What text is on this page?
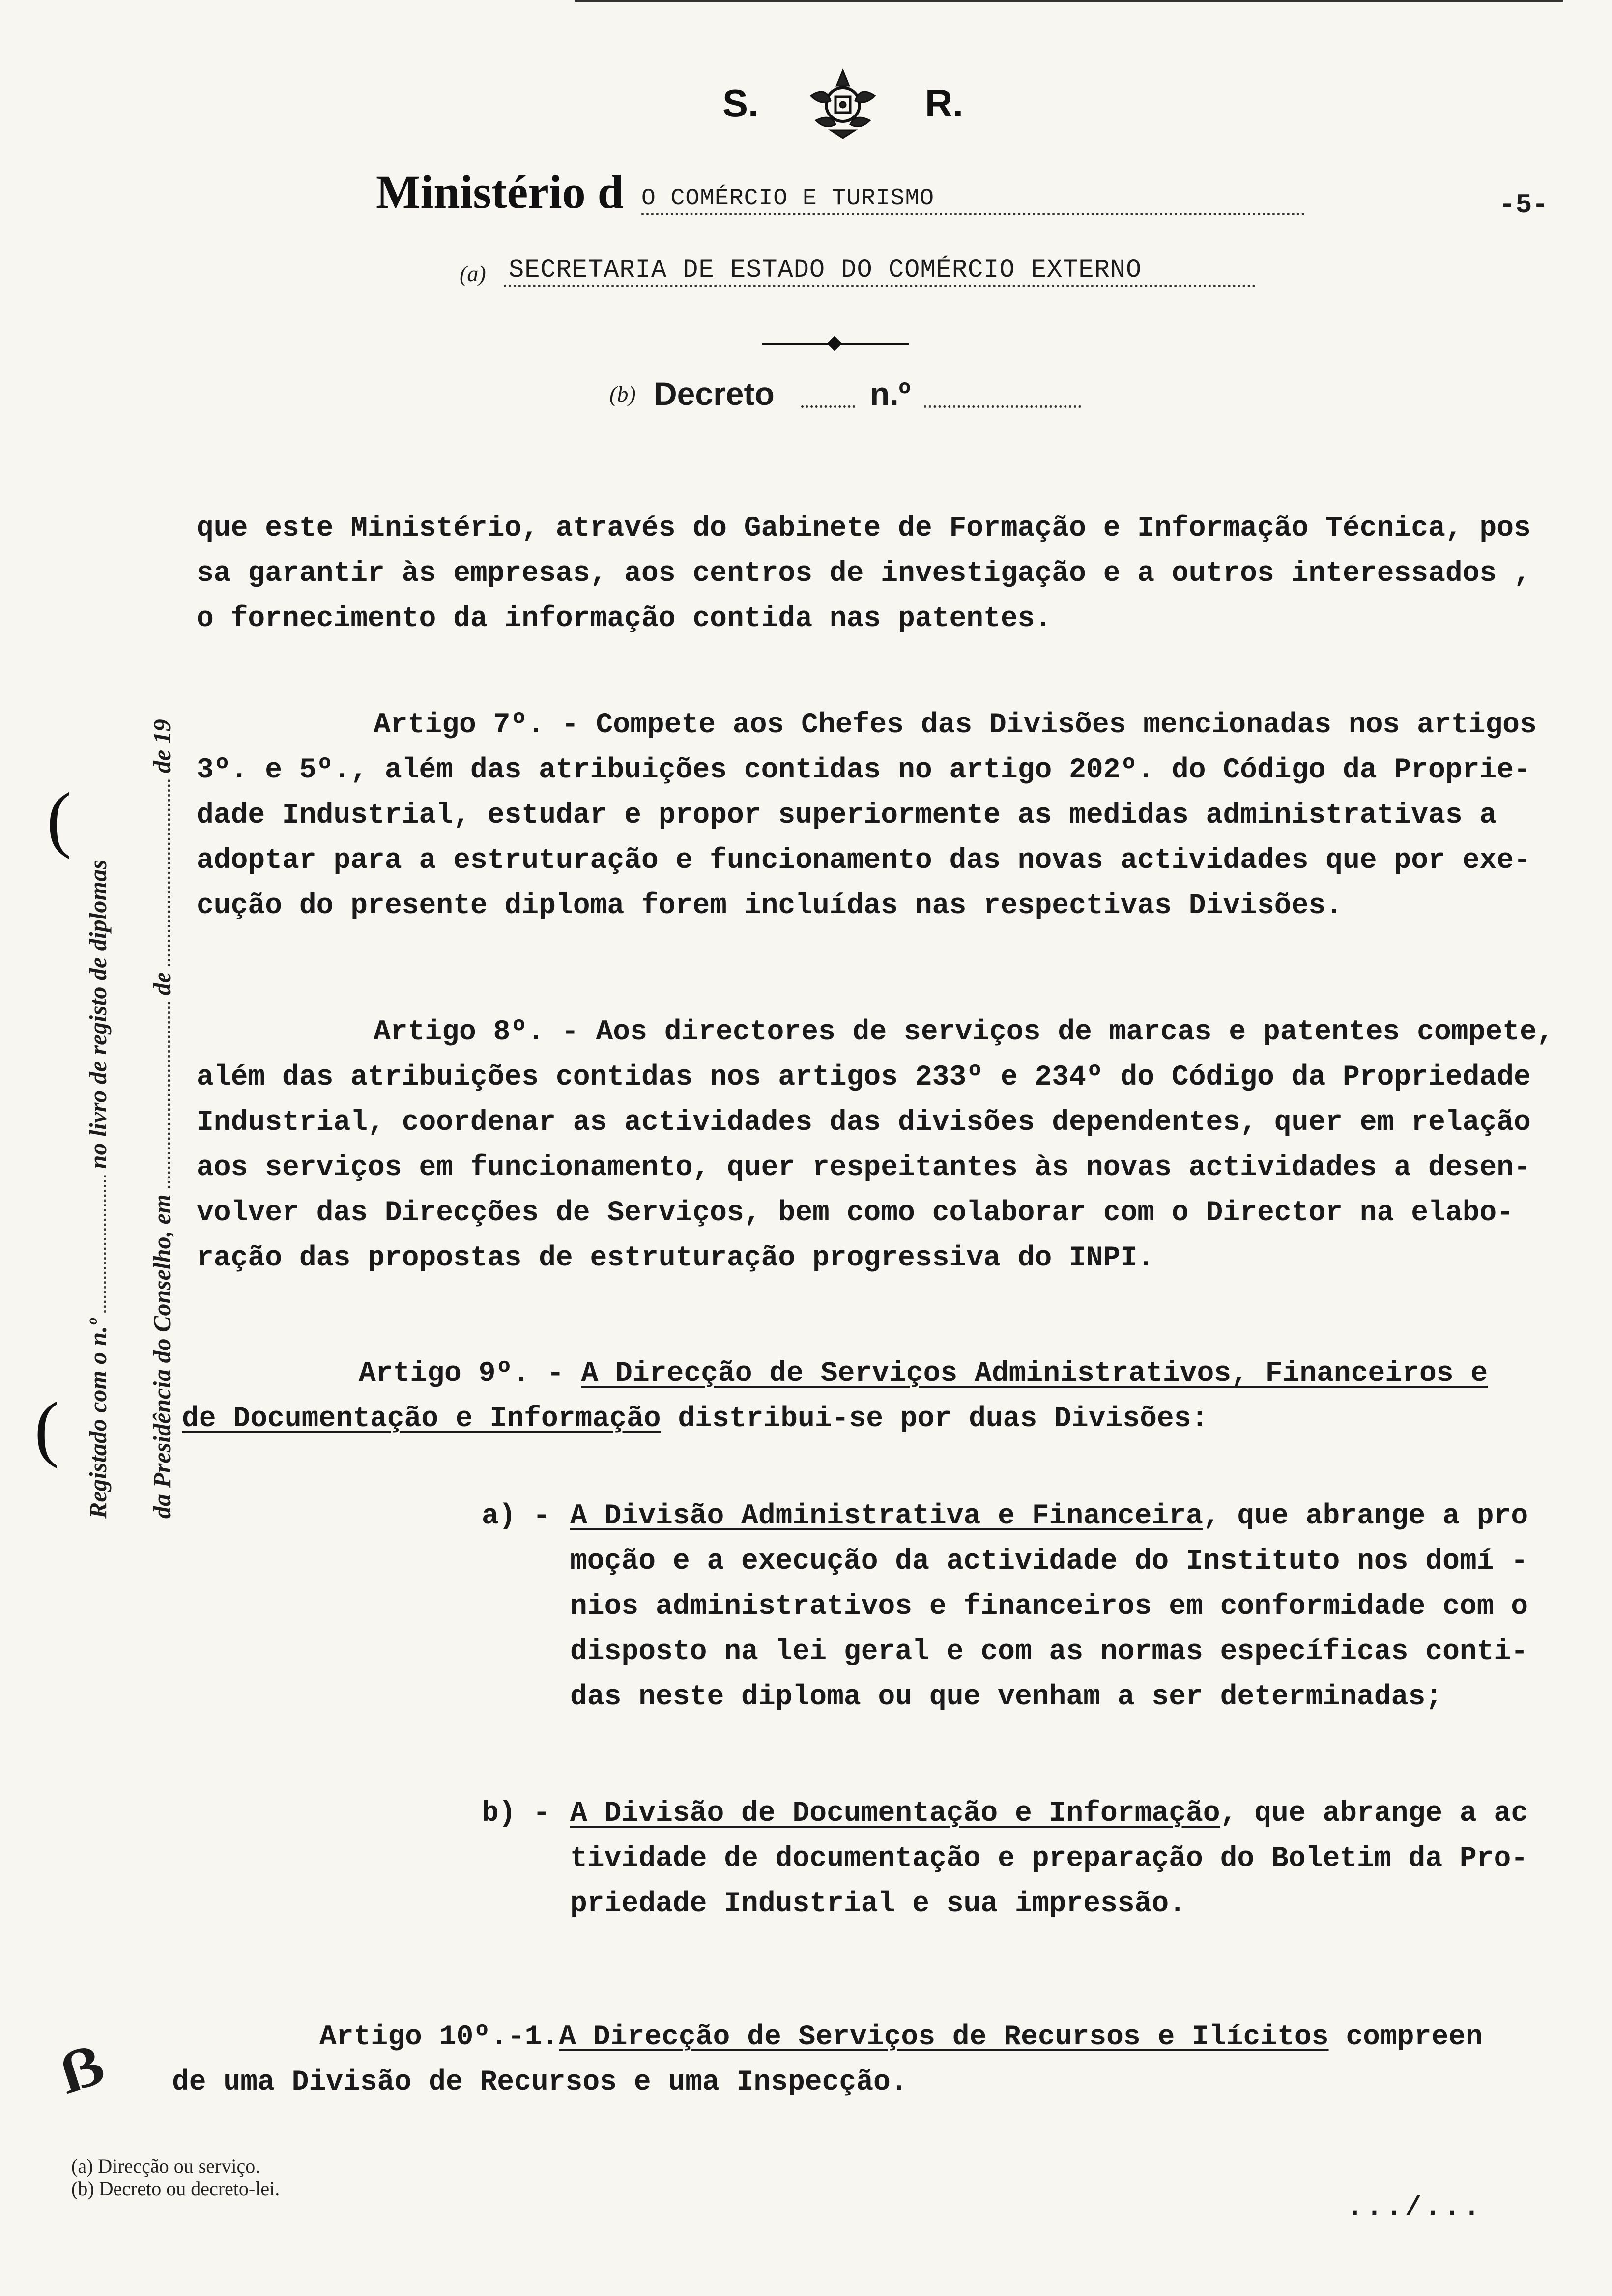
S.	R.
Ministério d O COMÉRCIO E TURISMO	-5-
(a) SECRETARIA DE ESTADO DO COMÉRCIO EXTERNO
(b) Decreto	n.º
Registado com o n.º  no livro de registo de diplomas
da Presidência do Conselho, em  de  de 19
(
(

que este Ministério, através do Gabinete de Formação e Informação Técnica, pos
sa garantir às empresas, aos centros de investigação e a outros interessados ,
o fornecimento da informação contida nas patentes.

Artigo 7º. - Compete aos Chefes das Divisões mencionadas nos artigos
3º. e 5º., além das atribuições contidas no artigo 202º. do Código da Proprie-
dade Industrial, estudar e propor superiormente as medidas administrativas a
adoptar para a estruturação e funcionamento das novas actividades que por exe-
cução do presente diploma forem incluídas nas respectivas Divisões.

Artigo 8º. - Aos directores de serviços de marcas e patentes compete,
além das atribuições contidas nos artigos 233º e 234º do Código da Propriedade
Industrial, coordenar as actividades das divisões dependentes, quer em relação
aos serviços em funcionamento, quer respeitantes às novas actividades a desen-
volver das Direcções de Serviços, bem como colaborar com o Director na elabo-
ração das propostas de estruturação progressiva do INPI.

Artigo 9º. - A Direcção de Serviços Administrativos, Financeiros e
de Documentação e Informação distribui-se por duas Divisões:

a) - A Divisão Administrativa e Financeira, que abrange a pro
moção e a execução da actividade do Instituto nos domí -
nios administrativos e financeiros em conformidade com o
disposto na lei geral e com as normas específicas conti-
das neste diploma ou que venham a ser determinadas;

b) - A Divisão de Documentação e Informação, que abrange a ac
tividade de documentação e preparação do Boletim da Pro-
priedade Industrial e sua impressão.

Artigo 10º.-1.A Direcção de Serviços de Recursos e Ilícitos compreen
de uma Divisão de Recursos e uma Inspecção.

ẞ
(a) Direcção ou serviço.
(b) Decreto ou decreto-lei.
.../...
